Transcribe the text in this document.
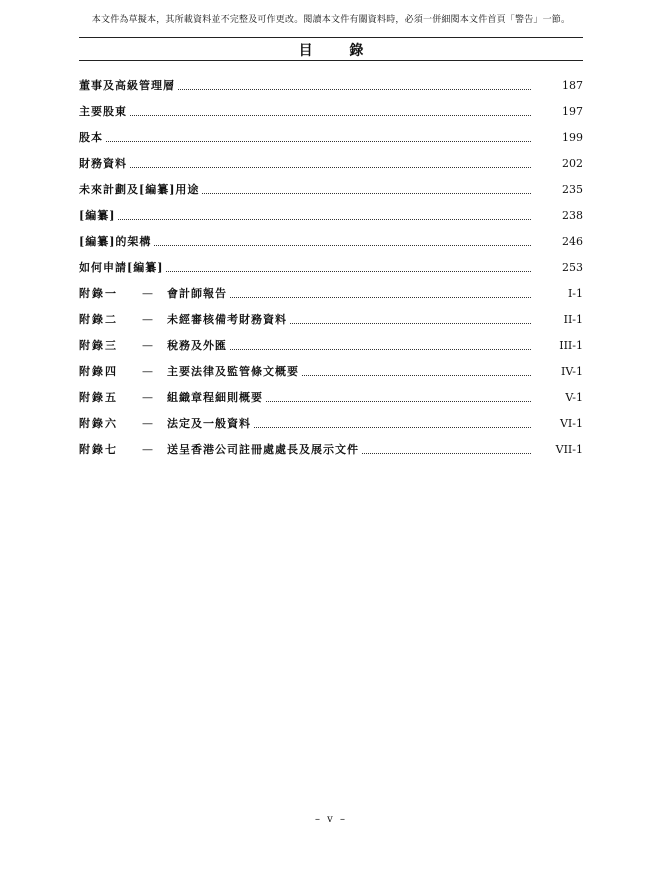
本文件為草擬本，其所載資料並不完整及可作更改。閱讀本文件有關資料時，必須一併細閱本文件首頁「警告」一節。
目 錄
董事及高級管理層	187
主要股東	197
股本	199
財務資料	202
未來計劃及[編纂]用途	235
[編纂]	238
[編纂]的架構	246
如何申請[編纂]	253
附錄一 — 會計師報告	I-1
附錄二 — 未經審核備考財務資料	II-1
附錄三 — 稅務及外匯	III-1
附錄四 — 主要法律及監管條文概要	IV-1
附錄五 — 組織章程細則概要	V-1
附錄六 — 法定及一般資料	VI-1
附錄七 — 送呈香港公司註冊處處長及展示文件	VII-1
– v –
